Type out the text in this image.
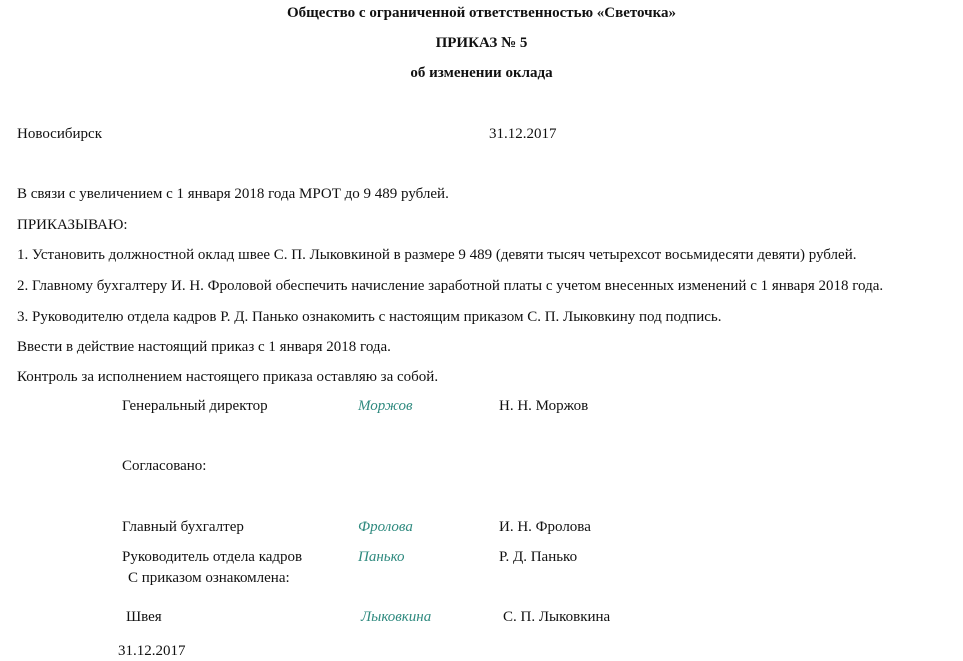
Общество с ограниченной ответственностью «Светочка»
ПРИКАЗ № 5
об изменении оклада
Новосибирск	31.12.2017
В связи с увеличением с 1 января 2018 года МРОТ до 9 489 рублей.
ПРИКАЗЫВАЮ:
1. Установить должностной оклад швее С. П. Лыковкиной в размере 9 489 (девяти тысяч четырехсот восьмидесяти девяти) рублей.
2. Главному бухгалтеру И. Н. Фроловой обеспечить начисление заработной платы с учетом внесенных изменений с 1 января 2018 года.
3. Руководителю отдела кадров Р. Д. Панько ознакомить с настоящим приказом С. П. Лыковкину под подпись.
Ввести в действие настоящий приказ с 1 января 2018 года.
Контроль за исполнением настоящего приказа оставляю за собой.
Генеральный директор	Моржов	Н. Н. Моржов
Согласовано:
Главный бухгалтер	Фролова	И. Н. Фролова
Руководитель отдела кадров	Панько	Р. Д. Панько
С приказом ознакомлена:
Швея	Лыковкина	С. П. Лыковкина
31.12.2017
